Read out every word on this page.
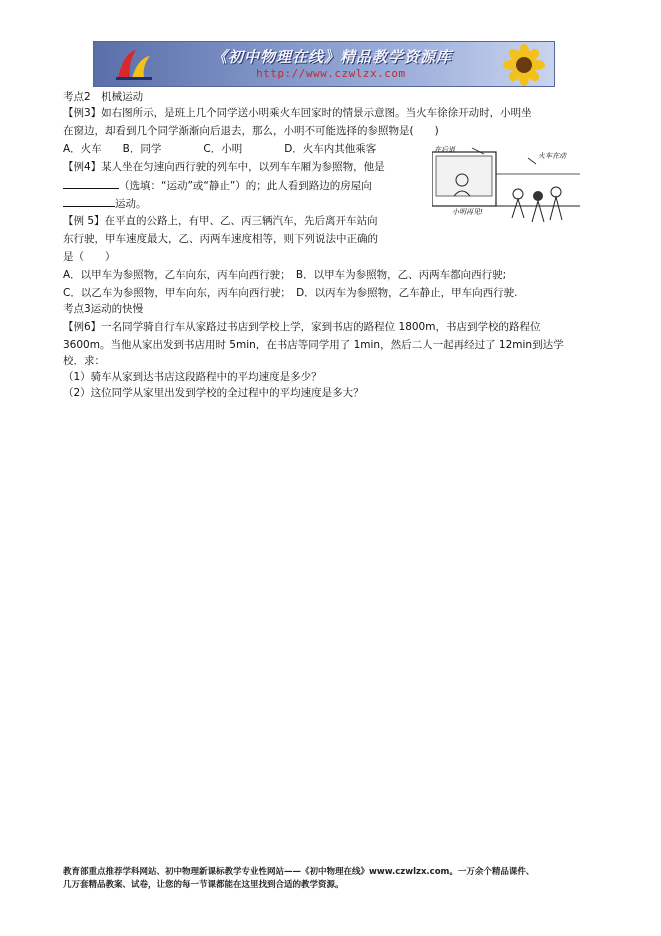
《初中物理在线》精品教学资源库
http://www.czwlzx.com
考点2　机械运动
【例3】如右图所示，是班上几个同学送小明乘火车回家时的情景示意图。当火车徐徐开动时，小明坐
在窗边，却看到几个同学渐渐向后退去，那么，小明不可能选择的参照物是(　　)
A．火车　　B．同学　　　　C．小明　　　　D．火车内其他乘客	在后退
火车在动
小明再见!
【例4】某人坐在匀速向西行驶的列车中，以列车车厢为参照物，他是
（选填：“运动”或“静止”）的；此人看到路边的房屋向
运动。
【例 5】在平直的公路上，有甲、乙、丙三辆汽车，先后离开车站向
东行驶，甲车速度最大，乙、丙两车速度相等，则下列说法中正确的
是（　　）
A．以甲车为参照物，乙车向东，丙车向西行驶；　B．以甲车为参照物，乙、丙两车都向西行驶;
C．以乙车为参照物，甲车向东，丙车向西行驶；　D．以丙车为参照物，乙车静止，甲车向西行驶.
考点3运动的快慢
【例6】一名同学骑自行车从家路过书店到学校上学，家到书店的路程位 1800m，书店到学校的路程位
3600m。当他从家出发到书店用时 5min，在书店等同学用了 1min，然后二人一起再经过了 12min到达学
校．求：
（1）骑车从家到达书店这段路程中的平均速度是多少？
（2）这位同学从家里出发到学校的全过程中的平均速度是多大？
教育部重点推荐学科网站、初中物理新课标教学专业性网站——《初中物理在线》www.czwlzx.com。一万余个精品课件、
几万套精品教案、试卷，让您的每一节课都能在这里找到合适的教学资源。
